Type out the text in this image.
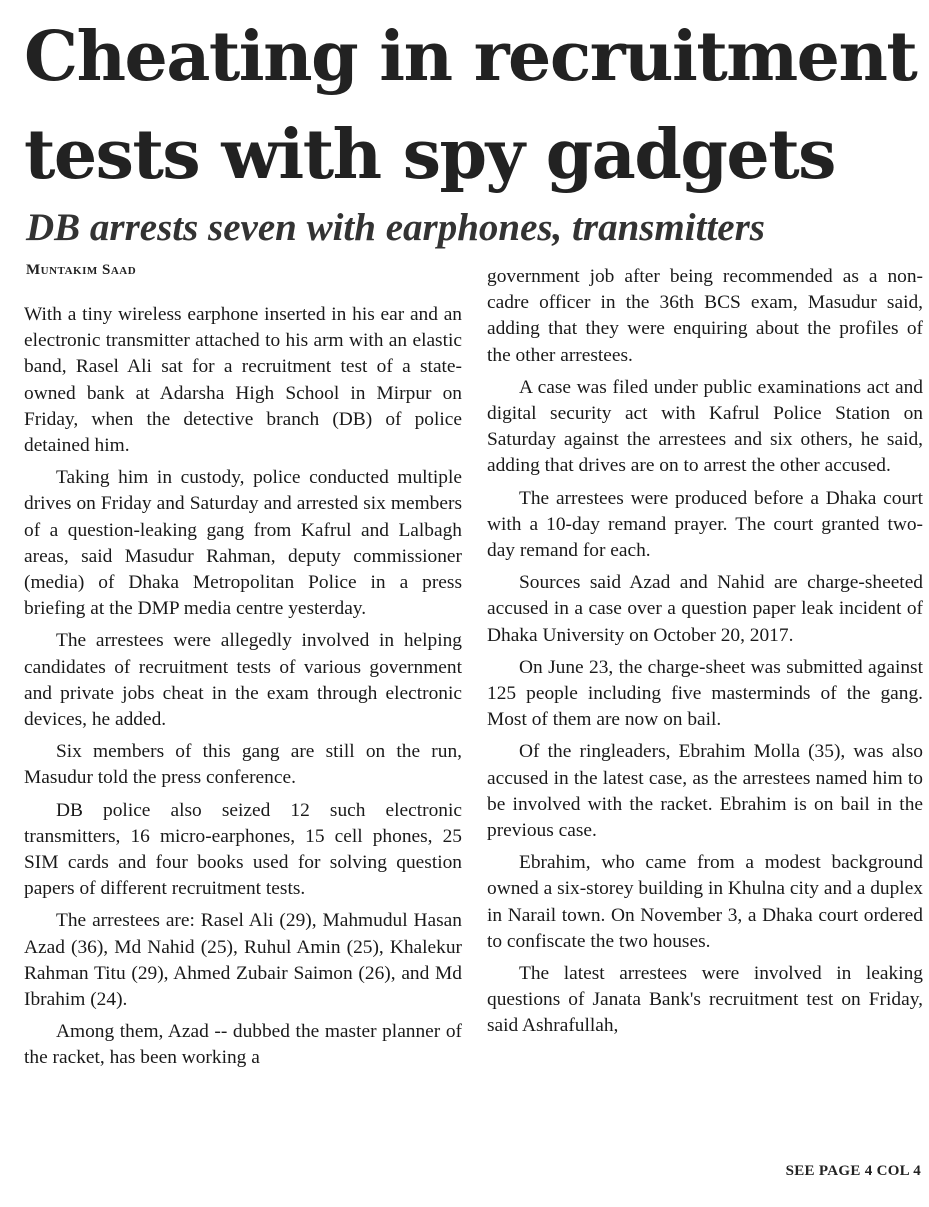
Cheating in recruitment tests with spy gadgets
DB arrests seven with earphones, transmitters
Muntakim Saad

With a tiny wireless earphone inserted in his ear and an electronic transmitter attached to his arm with an elastic band, Rasel Ali sat for a recruitment test of a state-owned bank at Adarsha High School in Mirpur on Friday, when the detective branch (DB) of police detained him.

Taking him in custody, police conducted multiple drives on Friday and Saturday and arrested six members of a question-leaking gang from Kafrul and Lalbagh areas, said Masudur Rahman, deputy commissioner (media) of Dhaka Metropolitan Police in a press briefing at the DMP media centre yesterday.

The arrestees were allegedly involved in helping candidates of recruitment tests of various government and private jobs cheat in the exam through electronic devices, he added.

Six members of this gang are still on the run, Masudur told the press conference.

DB police also seized 12 such electronic transmitters, 16 micro-earphones, 15 cell phones, 25 SIM cards and four books used for solving question papers of different recruitment tests.

The arrestees are: Rasel Ali (29), Mahmudul Hasan Azad (36), Md Nahid (25), Ruhul Amin (25), Khalekur Rahman Titu (29), Ahmed Zubair Saimon (26), and Md Ibrahim (24).

Among them, Azad -- dubbed the master planner of the racket, has been working a

government job after being recommended as a non-cadre officer in the 36th BCS exam, Masudur said, adding that they were enquiring about the profiles of the other arrestees.

A case was filed under public examinations act and digital security act with Kafrul Police Station on Saturday against the arrestees and six others, he said, adding that drives are on to arrest the other accused.

The arrestees were produced before a Dhaka court with a 10-day remand prayer. The court granted two-day remand for each.

Sources said Azad and Nahid are charge-sheeted accused in a case over a question paper leak incident of Dhaka University on October 20, 2017.

On June 23, the charge-sheet was submitted against 125 people including five masterminds of the gang. Most of them are now on bail.

Of the ringleaders, Ebrahim Molla (35), was also accused in the latest case, as the arrestees named him to be involved with the racket. Ebrahim is on bail in the previous case.

Ebrahim, who came from a modest background owned a six-storey building in Khulna city and a duplex in Narail town. On November 3, a Dhaka court ordered to confiscate the two houses.

The latest arrestees were involved in leaking questions of Janata Bank's recruitment test on Friday, said Ashrafullah,

SEE PAGE 4 COL 4
